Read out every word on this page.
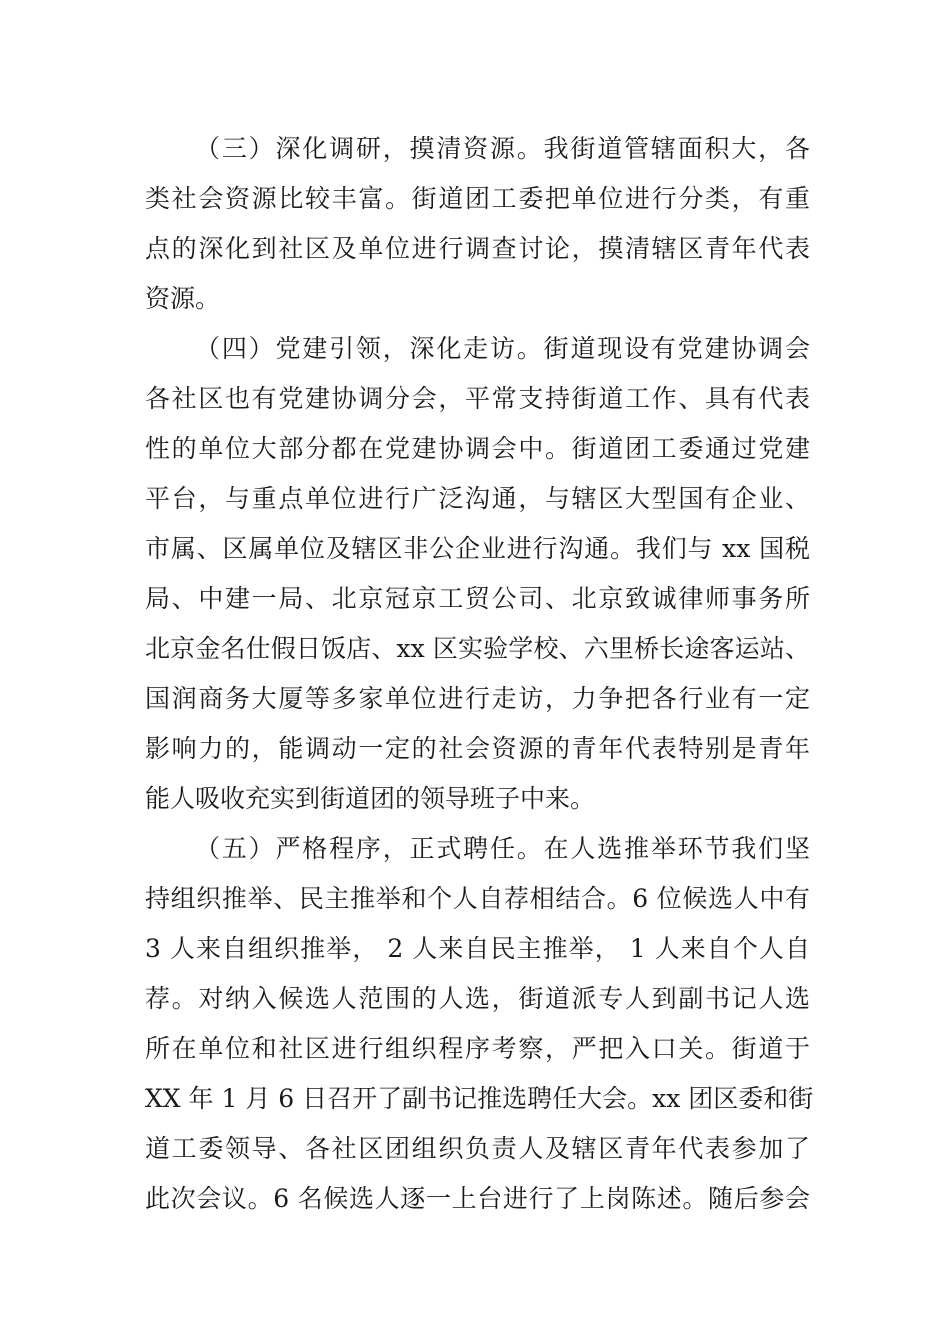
（三）深化调研，摸清资源。我街道管辖面积大，各
类社会资源比较丰富。街道团工委把单位进行分类，有重
点的深化到社区及单位进行调查讨论，摸清辖区青年代表
资源。
（四）党建引领，深化走访。街道现设有党建协调会
各社区也有党建协调分会，平常支持街道工作、具有代表
性的单位大部分都在党建协调会中。街道团工委通过党建
平台，与重点单位进行广泛沟通，与辖区大型国有企业、
市属、区属单位及辖区非公企业进行沟通。我们与 xx 国税
局、中建一局、北京冠京工贸公司、北京致诚律师事务所
北京金名仕假日饭店、xx 区实验学校、六里桥长途客运站、
国润商务大厦等多家单位进行走访，力争把各行业有一定
影响力的，能调动一定的社会资源的青年代表特别是青年
能人吸收充实到街道团的领导班子中来。
（五）严格程序，正式聘任。在人选推举环节我们坚
持组织推举、民主推举和个人自荐相结合。6 位候选人中有
3 人来自组织推举， 2 人来自民主推举， 1 人来自个人自
荐。对纳入候选人范围的人选，街道派专人到副书记人选
所在单位和社区进行组织程序考察，严把入口关。街道于
XX 年 1 月 6 日召开了副书记推选聘任大会。xx 团区委和街
道工委领导、各社区团组织负责人及辖区青年代表参加了
此次会议。6 名候选人逐一上台进行了上岗陈述。随后参会
